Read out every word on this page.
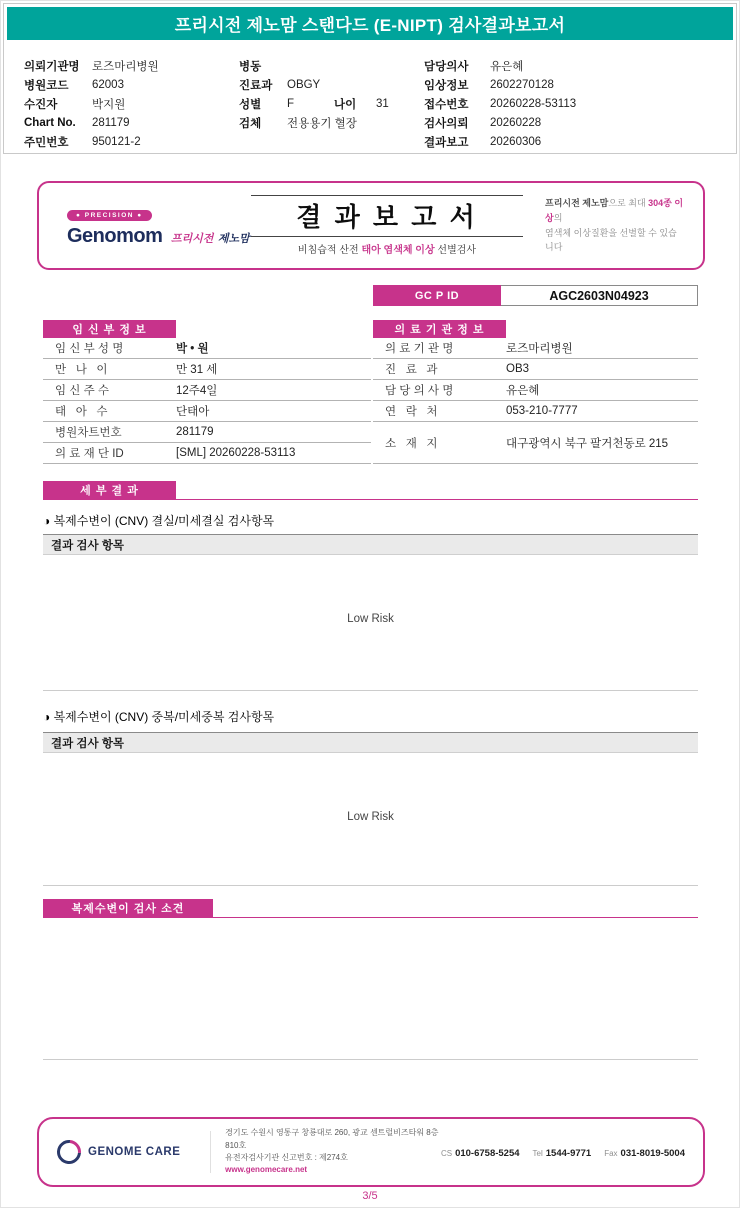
프리시전 제노맘 스탠다드 (E-NIPT) 검사결과보고서
의뢰기관명	로즈마리병원
병원코드	62003
수진자	박지원
Chart No.	281179
주민번호	950121-2
병동
진료과	OBGY
성별	F	나이	31
검체	전용용기 혈장
담당의사	유은혜
임상정보	2602270128
접수번호	20260228-53113
검사의뢰	20260228
결과보고	20260306
● PRECISION ●
Genomom 프리시전 제노맘
결 과 보 고 서
비침습적 산전 태아 염색체 이상 선별검사
프리시전 제노맘으로 최대 304종 이상의
염색체 이상질환을 선별할 수 있습니다
GC P ID	AGC2603N04923
임 신 부 정 보
임 신 부 성 명	박 • 원
만   나   이	만 31 세
임 신 주 수	12주4일
태   아   수	단태아
병원차트번호	281179
의 료 재 단 ID	[SML] 20260228-53113
의 료 기 관 정 보
의 료 기 관 명	로즈마리병원
진   료   과	OB3
담 당 의 사 명	유은혜
연   락   처	053-210-7777
소   재   지	대구광역시 북구 팔거천동로 215
세 부 결 과
◑ 복제수변이 (CNV) 결실/미세결실 검사항목
결과 검사 항목
Low Risk
◑ 복제수변이 (CNV) 중복/미세중복 검사항목
결과 검사 항목
Low Risk
복제수변이 검사 소견
GENOME CARE
경기도 수원시 영통구 창룡대로 260, 광교 센트럴비즈타워 8층 810호
유전자검사기관 신고번호 : 제274호
www.genomecare.net
CS 010-6758-5254 Tel 1544-9771 Fax 031-8019-5004
3/5
